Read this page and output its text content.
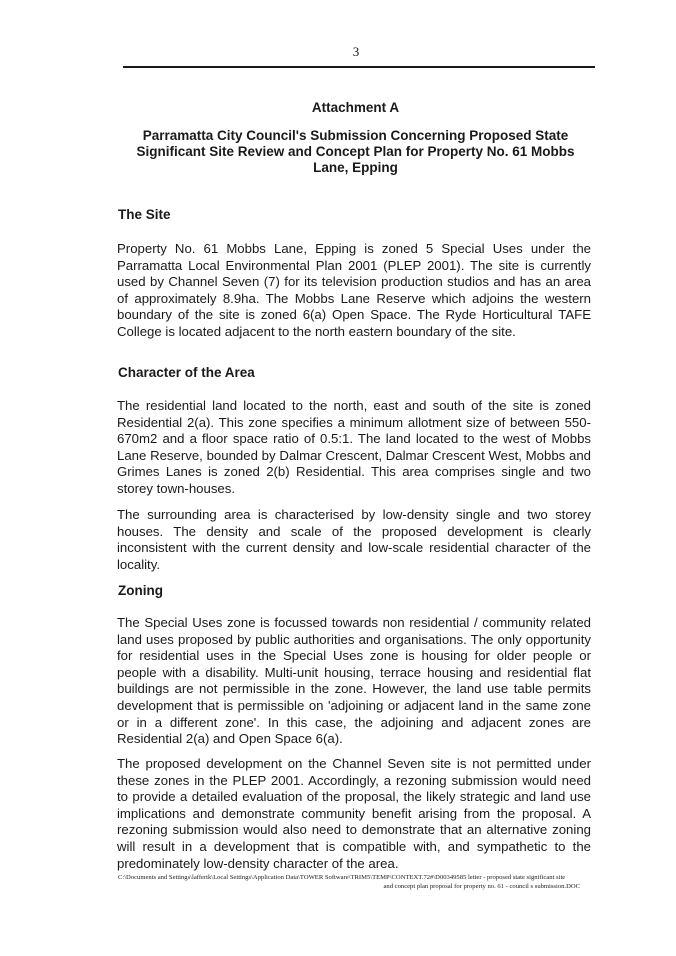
3
Attachment A
Parramatta City Council's Submission Concerning Proposed State Significant Site Review and Concept Plan for Property No. 61 Mobbs Lane, Epping
The Site

Property No. 61 Mobbs Lane, Epping is zoned 5 Special Uses under the Parramatta Local Environmental Plan 2001 (PLEP 2001). The site is currently used by Channel Seven (7) for its television production studios and has an area of approximately 8.9ha. The Mobbs Lane Reserve which adjoins the western boundary of the site is zoned 6(a) Open Space. The Ryde Horticultural TAFE College is located adjacent to the north eastern boundary of the site.

Character of the Area

The residential land located to the north, east and south of the site is zoned Residential 2(a). This zone specifies a minimum allotment size of between 550-670m2 and a floor space ratio of 0.5:1. The land located to the west of Mobbs Lane Reserve, bounded by Dalmar Crescent, Dalmar Crescent West, Mobbs and Grimes Lanes is zoned 2(b) Residential. This area comprises single and two storey town-houses.

The surrounding area is characterised by low-density single and two storey houses. The density and scale of the proposed development is clearly inconsistent with the current density and low-scale residential character of the locality.

Zoning

The Special Uses zone is focussed towards non residential / community related land uses proposed by public authorities and organisations. The only opportunity for residential uses in the Special Uses zone is housing for older people or people with a disability. Multi-unit housing, terrace housing and residential flat buildings are not permissible in the zone. However, the land use table permits development that is permissible on 'adjoining or adjacent land in the same zone or in a different zone'. In this case, the adjoining and adjacent zones are Residential 2(a) and Open Space 6(a).

The proposed development on the Channel Seven site is not permitted under these zones in the PLEP 2001. Accordingly, a rezoning submission would need to provide a detailed evaluation of the proposal, the likely strategic and land use implications and demonstrate community benefit arising from the proposal. A rezoning submission would also need to demonstrate that an alternative zoning will result in a development that is compatible with, and sympathetic to the predominately low-density character of the area.

C:\Documents and Settings\laffertk\Local Settings\Application Data\TOWER Software\TRIM5\TEMP\CONTEXT.72#\D00349585 letter - proposed state significant site
and concept plan proposal for property no. 61 - council s submission.DOC
